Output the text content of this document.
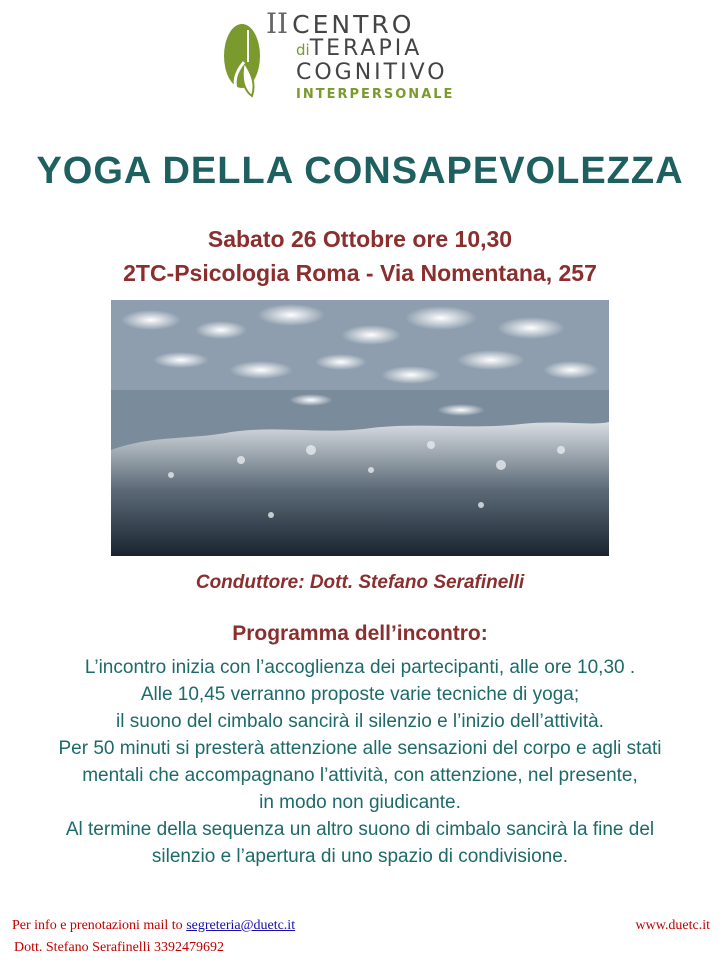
II CENTRO
diTERAPIA
COGNITIVO
INTERPERSONALE
YOGA DELLA CONSAPEVOLEZZA
Sabato 26 Ottobre ore 10,30
2TC-Psicologia Roma - Via Nomentana, 257
Conduttore: Dott. Stefano Serafinelli
Programma dell’incontro:
L’incontro inizia con l’accoglienza dei partecipanti, alle ore 10,30 .
Alle 10,45 verranno proposte varie tecniche di yoga;
il suono del cimbalo sancirà il silenzio e l’inizio dell’attività.
Per 50 minuti si presterà attenzione alle sensazioni del corpo e agli stati
mentali che accompagnano l’attività, con attenzione, nel presente,
in modo non giudicante.
Al termine della sequenza un altro suono di cimbalo sancirà la fine del
silenzio e l’apertura di uno spazio di condivisione.
Per info e prenotazioni mail to segreteria@duetc.it
Dott. Stefano Serafinelli 3392479692
www.duetc.it
